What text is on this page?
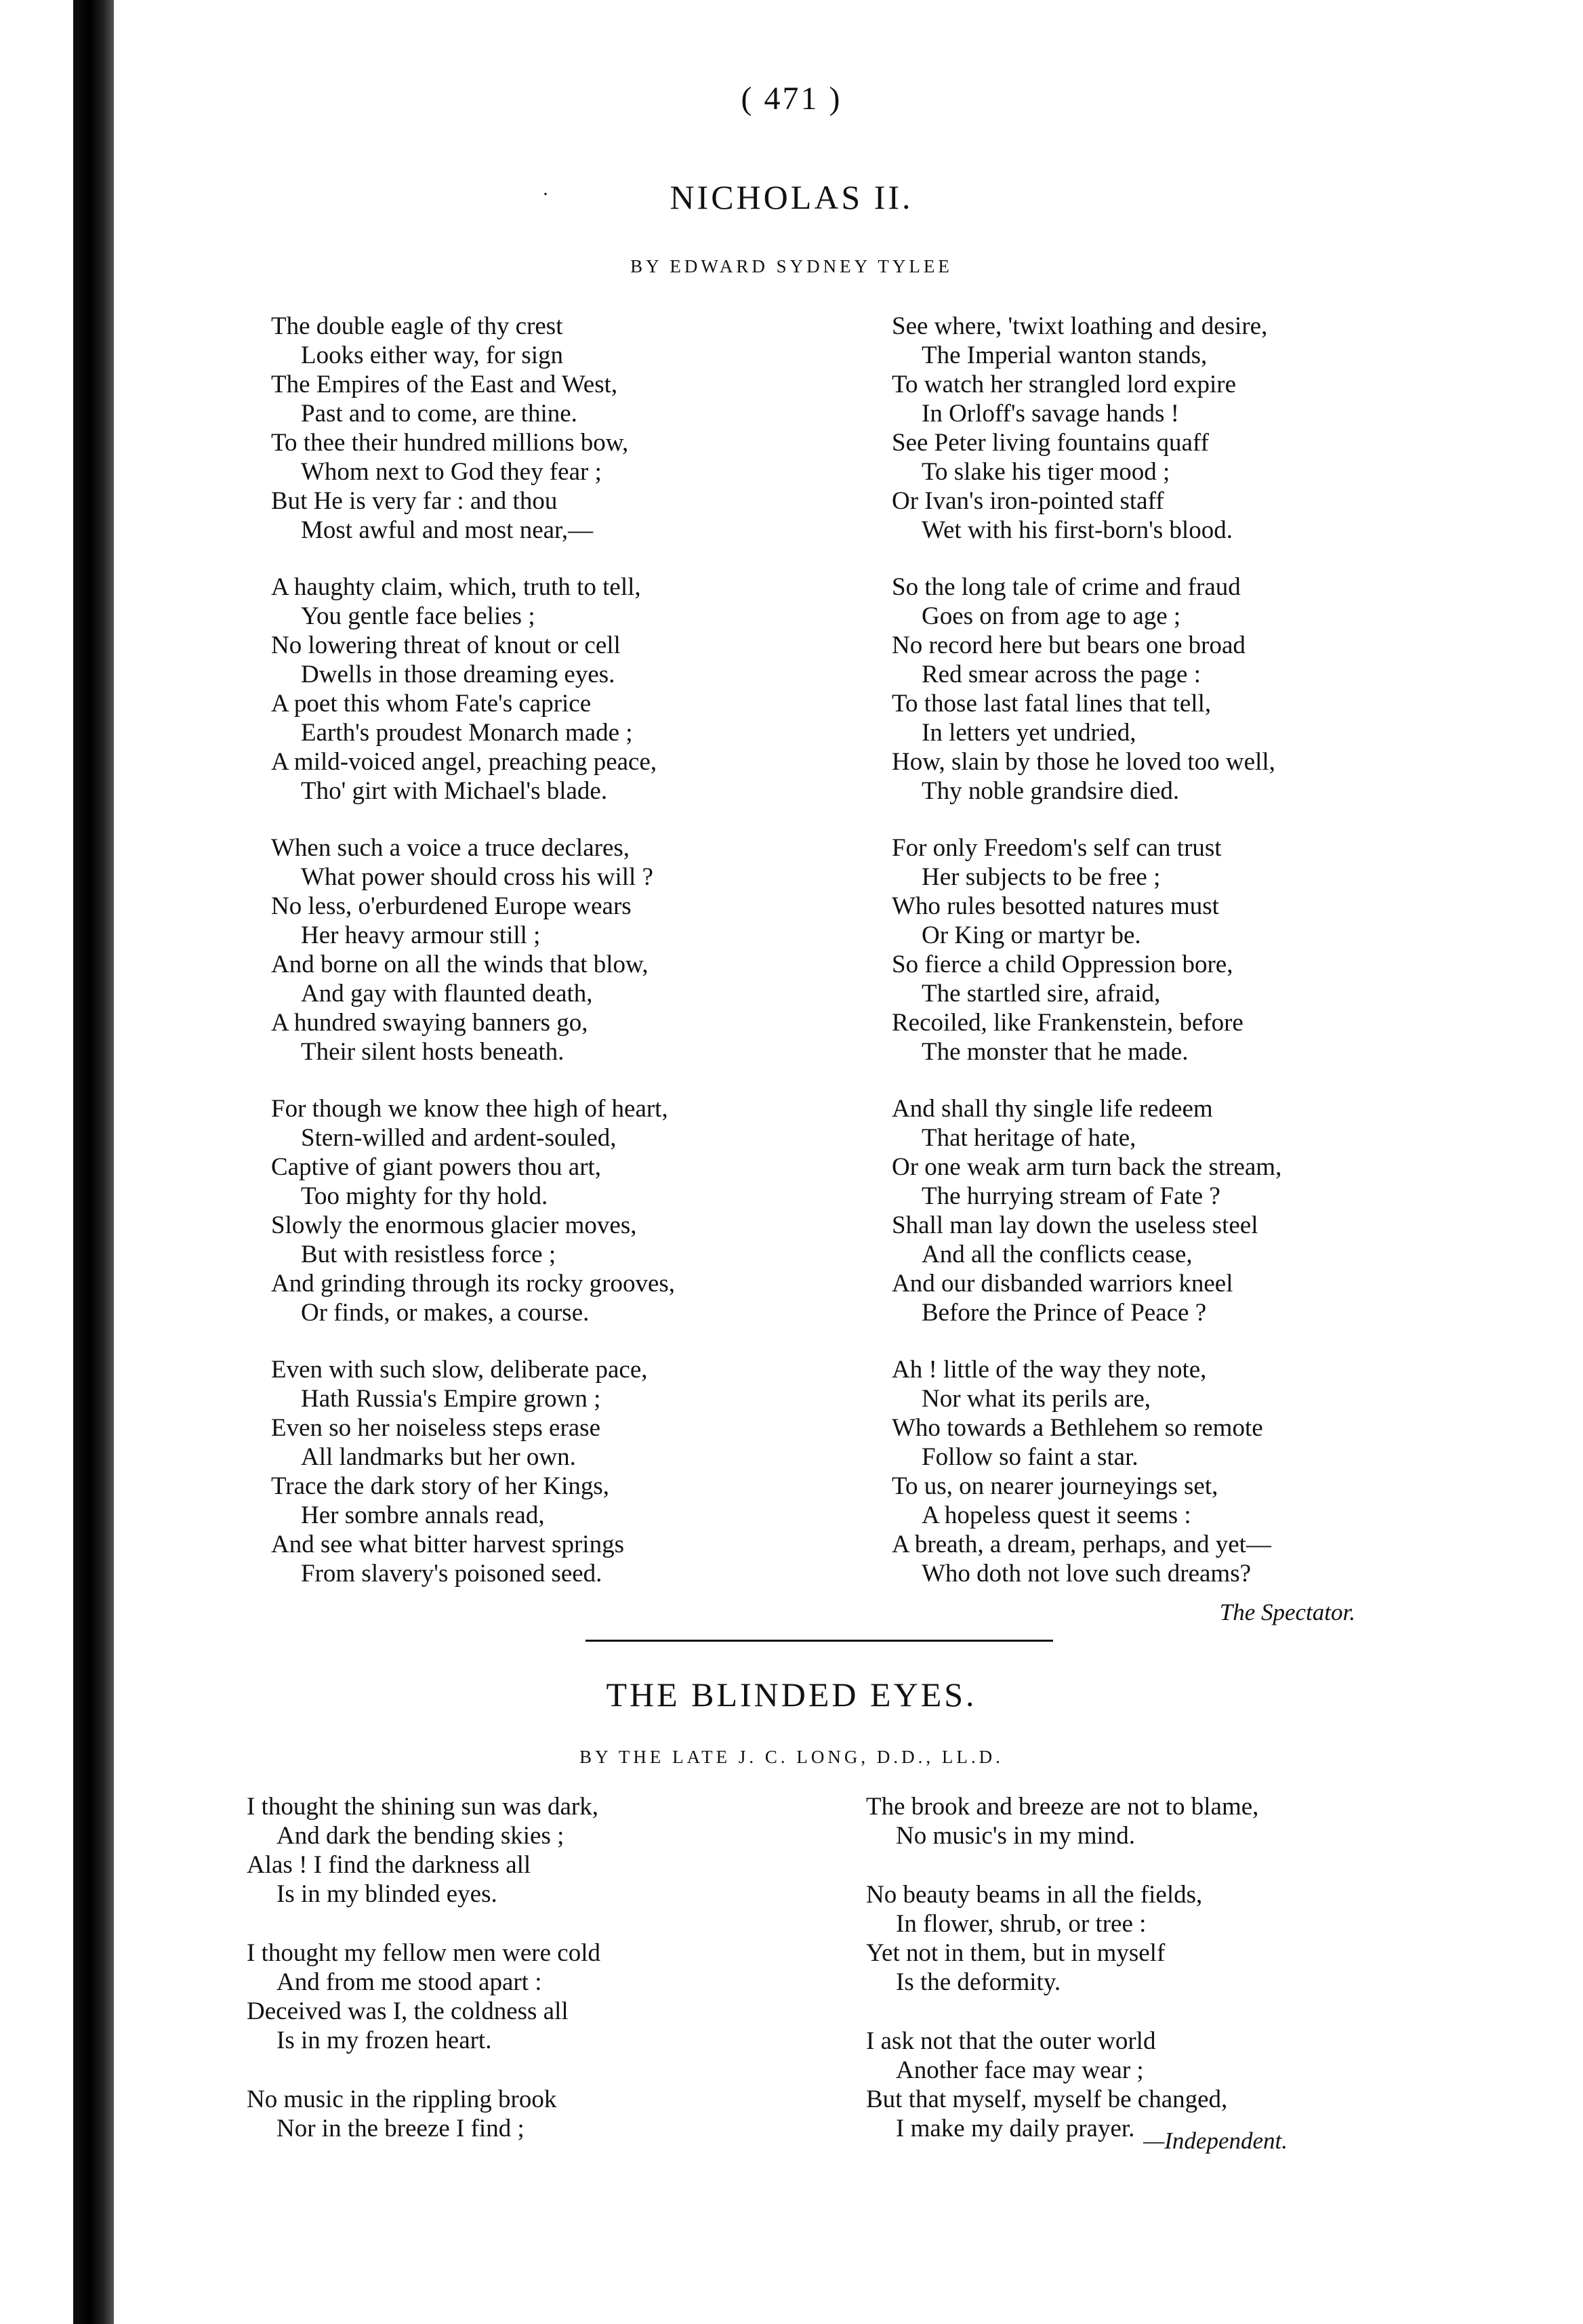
( 471 )
·	NICHOLAS II.
BY EDWARD SYDNEY TYLEE
The double eagle of thy crest
Looks either way, for sign
The Empires of the East and West,
Past and to come, are thine.
To thee their hundred millions bow,
Whom next to God they fear ;
But He is very far : and thou
Most awful and most near,—
A haughty claim, which, truth to tell,
You gentle face belies ;
No lowering threat of knout or cell
Dwells in those dreaming eyes.
A poet this whom Fate's caprice
Earth's proudest Monarch made ;
A mild-voiced angel, preaching peace,
Tho' girt with Michael's blade.
When such a voice a truce declares,
What power should cross his will ?
No less, o'erburdened Europe wears
Her heavy armour still ;
And borne on all the winds that blow,
And gay with flaunted death,
A hundred swaying banners go,
Their silent hosts beneath.
For though we know thee high of heart,
Stern-willed and ardent-souled,
Captive of giant powers thou art,
Too mighty for thy hold.
Slowly the enormous glacier moves,
But with resistless force ;
And grinding through its rocky grooves,
Or finds, or makes, a course.
Even with such slow, deliberate pace,
Hath Russia's Empire grown ;
Even so her noiseless steps erase
All landmarks but her own.
Trace the dark story of her Kings,
Her sombre annals read,
And see what bitter harvest springs
From slavery's poisoned seed.
See where, 'twixt loathing and desire,
The Imperial wanton stands,
To watch her strangled lord expire
In Orloff's savage hands !
See Peter living fountains quaff
To slake his tiger mood ;
Or Ivan's iron-pointed staff
Wet with his first-born's blood.
So the long tale of crime and fraud
Goes on from age to age ;
No record here but bears one broad
Red smear across the page :
To those last fatal lines that tell,
In letters yet undried,
How, slain by those he loved too well,
Thy noble grandsire died.
For only Freedom's self can trust
Her subjects to be free ;
Who rules besotted natures must
Or King or martyr be.
So fierce a child Oppression bore,
The startled sire, afraid,
Recoiled, like Frankenstein, before
The monster that he made.
And shall thy single life redeem
That heritage of hate,
Or one weak arm turn back the stream,
The hurrying stream of Fate ?
Shall man lay down the useless steel
And all the conflicts cease,
And our disbanded warriors kneel
Before the Prince of Peace ?
Ah ! little of the way they note,
Nor what its perils are,
Who towards a Bethlehem so remote
Follow so faint a star.
To us, on nearer journeyings set,
A hopeless quest it seems :
A breath, a dream, perhaps, and yet—
Who doth not love such dreams?
The Spectator.
THE BLINDED EYES.
BY THE LATE J. C. LONG, D.D., LL.D.
I thought the shining sun was dark,
And dark the bending skies ;
Alas ! I find the darkness all
Is in my blinded eyes.
I thought my fellow men were cold
And from me stood apart :
Deceived was I, the coldness all
Is in my frozen heart.
No music in the rippling brook
Nor in the breeze I find ;
The brook and breeze are not to blame,
No music's in my mind.
No beauty beams in all the fields,
In flower, shrub, or tree :
Yet not in them, but in myself
Is the deformity.
I ask not that the outer world
Another face may wear ;
But that myself, myself be changed,
I make my daily prayer. —Independent.
